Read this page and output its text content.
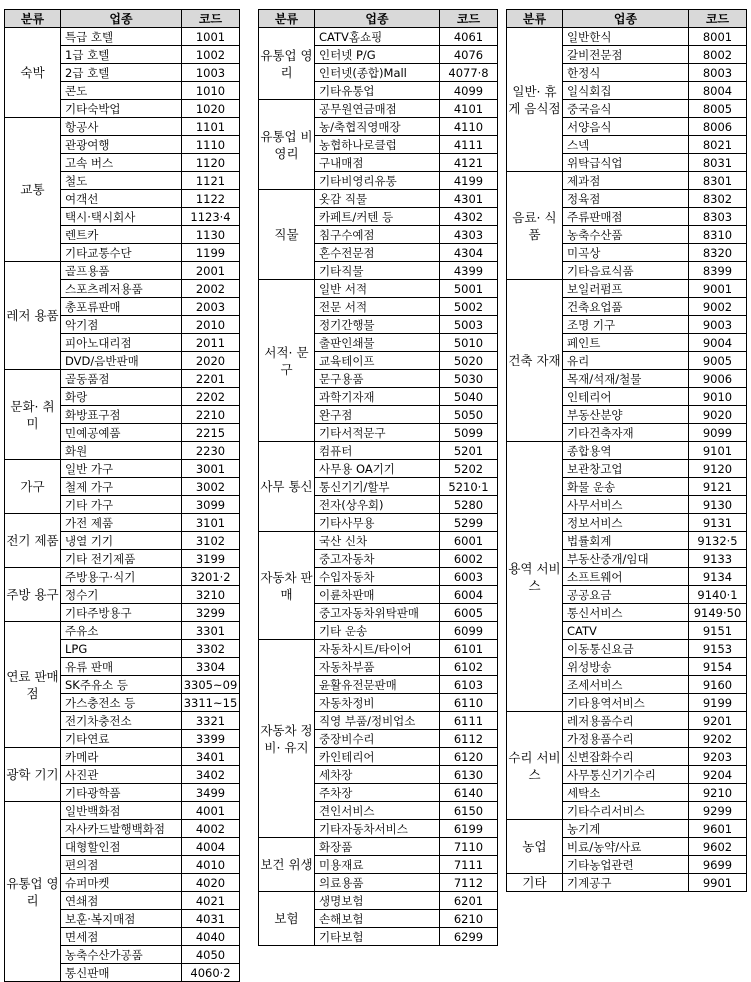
분류	업종	코드
숙박	특급 호텔	1001
	1급 호텔	1002
	2급 호텔	1003
	콘도	1010
	기타숙박업	1020
교통	항공사	1101
	관광여행	1110
	고속 버스	1120
	철도	1121
	여객선	1122
	택시·택시회사	1123·4
	렌트카	1130
	기타교통수단	1199
레저 용품	골프용품	2001
	스포츠레저용품	2002
	총포류판매	2003
	악기점	2010
	피아노대리점	2011
	DVD/음반판매	2020
문화· 취미	골동품점	2201
	화랑	2202
	화방표구점	2210
	민예공예품	2215
	화원	2230
가구	일반 가구	3001
	철제 가구	3002
	기타 가구	3099
전기 제품	가전 제품	3101
	냉열 기기	3102
	기타 전기제품	3199
주방 용구	주방용구·식기	3201·2
	정수기	3210
	기타주방용구	3299
연료 판매점	주유소	3301
	LPG	3302
	유류 판매	3304
	SK주유소 등	3305~09
	가스충전소 등	3311~15
	전기차충전소	3321
	기타연료	3399
광학 기기	카메라	3401
	사진관	3402
	기타광학품	3499
유통업 영리	일반백화점	4001
	자사카드발행백화점	4002
	대형할인점	4004
	편의점	4010
	슈퍼마켓	4020
	연쇄점	4021
	보훈·복지매점	4031
	면세점	4040
	농축수산가공품	4050
	통신판매	4060·2
분류	업종	코드
유통업 영리	CATV홈쇼핑	4061
	인터넷 P/G	4076
	인터넷(종합)Mall	4077·8
	기타유통업	4099
유통업 비영리	공무원연금매점	4101
	농/축협직영매장	4110
	농협하나로클럽	4111
	구내매점	4121
	기타비영리유통	4199
직물	옷감 직물	4301
	카페트/커텐 등	4302
	침구수예점	4303
	혼수전문점	4304
	기타직물	4399
서적· 문구	일반 서적	5001
	전문 서적	5002
	정기간행물	5003
	출판인쇄물	5010
	교육테이프	5020
	문구용품	5030
	과학기자재	5040
	완구점	5050
	기타서적문구	5099
사무 통신	컴퓨터	5201
	사무용 OA기기	5202
	통신기기/할부	5210·1
	전자(상우회)	5280
	기타사무용	5299
자동차 판매	국산 신차	6001
	중고자동차	6002
	수입자동차	6003
	이륜차판매	6004
	중고자동차위탁판매	6005
	기타 운송	6099
자동차 정비· 유지	자동차시트/타이어	6101
	자동차부품	6102
	윤활유전문판매	6103
	자동차정비	6110
	직영 부품/정비업소	6111
	중장비수리	6112
	카인테리어	6120
	세차장	6130
	주차장	6140
	견인서비스	6150
	기타자동차서비스	6199
보건 위생	화장품	7110
	미용재료	7111
	의료용품	7112
보험	생명보험	6201
	손해보험	6210
	기타보험	6299
분류	업종	코드
일반· 휴게 음식점	일반한식	8001
	갈비전문점	8002
	한정식	8003
	일식회집	8004
	중국음식	8005
	서양음식	8006
	스넥	8021
	위탁급식업	8031
음료· 식품	제과점	8301
	정육점	8302
	주류판매점	8303
	농축수산품	8310
	미곡상	8320
	기타음료식품	8399
건축 자재	보일러펌프	9001
	건축요업품	9002
	조명 기구	9003
	페인트	9004
	유리	9005
	목재/석재/철물	9006
	인테리어	9010
	부동산분양	9020
	기타건축자재	9099
용역 서비스	종합용역	9101
	보관창고업	9120
	화물 운송	9121
	사무서비스	9130
	정보서비스	9131
	법률회계	9132·5
	부동산중개/임대	9133
	소프트웨어	9134
	공공요금	9140·1
	통신서비스	9149·50
	CATV	9151
	이동통신요금	9153
	위성방송	9154
	조세서비스	9160
	기타용역서비스	9199
수리 서비스	레저용품수리	9201
	가정용품수리	9202
	신변잡화수리	9203
	사무통신기기수리	9204
	세탁소	9210
	기타수리서비스	9299
농업	농기계	9601
	비료/농약/사료	9602
	기타농업관련	9699
기타	기계공구	9901
